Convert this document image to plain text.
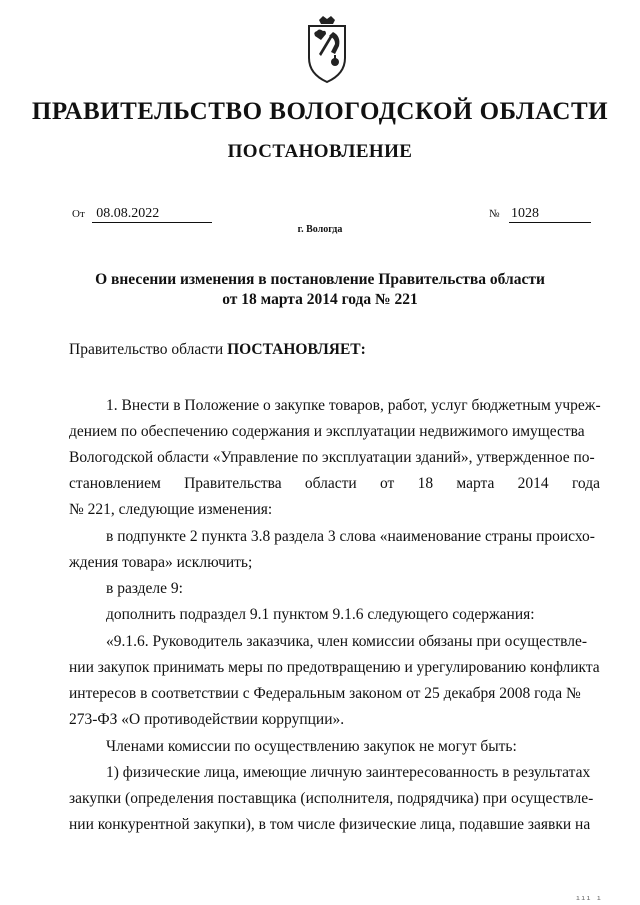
ПРАВИТЕЛЬСТВО ВОЛОГОДСКОЙ ОБЛАСТИ
ПОСТАНОВЛЕНИЕ
От 08.08.2022	№ 1028
г. Вологда
О внесении изменения в постановление Правительства области
от 18 марта 2014 года № 221
Правительство области ПОСТАНОВЛЯЕТ:
1. Внести в Положение о закупке товаров, работ, услуг бюджетным учреж-
дением по обеспечению содержания и эксплуатации недвижимого имущества
Вологодской области «Управление по эксплуатации зданий», утвержденное по-
становлением Правительства области от 18 марта 2014 года
№ 221, следующие изменения:
в подпункте 2 пункта 3.8 раздела 3 слова «наименование страны происхо-
ждения товара» исключить;
в разделе 9:
дополнить подраздел 9.1 пунктом 9.1.6 следующего содержания:
«9.1.6. Руководитель заказчика, член комиссии обязаны при осуществле-
нии закупок принимать меры по предотвращению и урегулированию конфликта
интересов в соответствии с Федеральным законом от 25 декабря 2008 года №
273-ФЗ «О противодействии коррупции».
Членами комиссии по осуществлению закупок не могут быть:
1) физические лица, имеющие личную заинтересованность в результатах
закупки (определения поставщика (исполнителя, подрядчика) при осуществле-
нии конкурентной закупки), в том числе физические лица, подавшие заявки на
ııı ı
